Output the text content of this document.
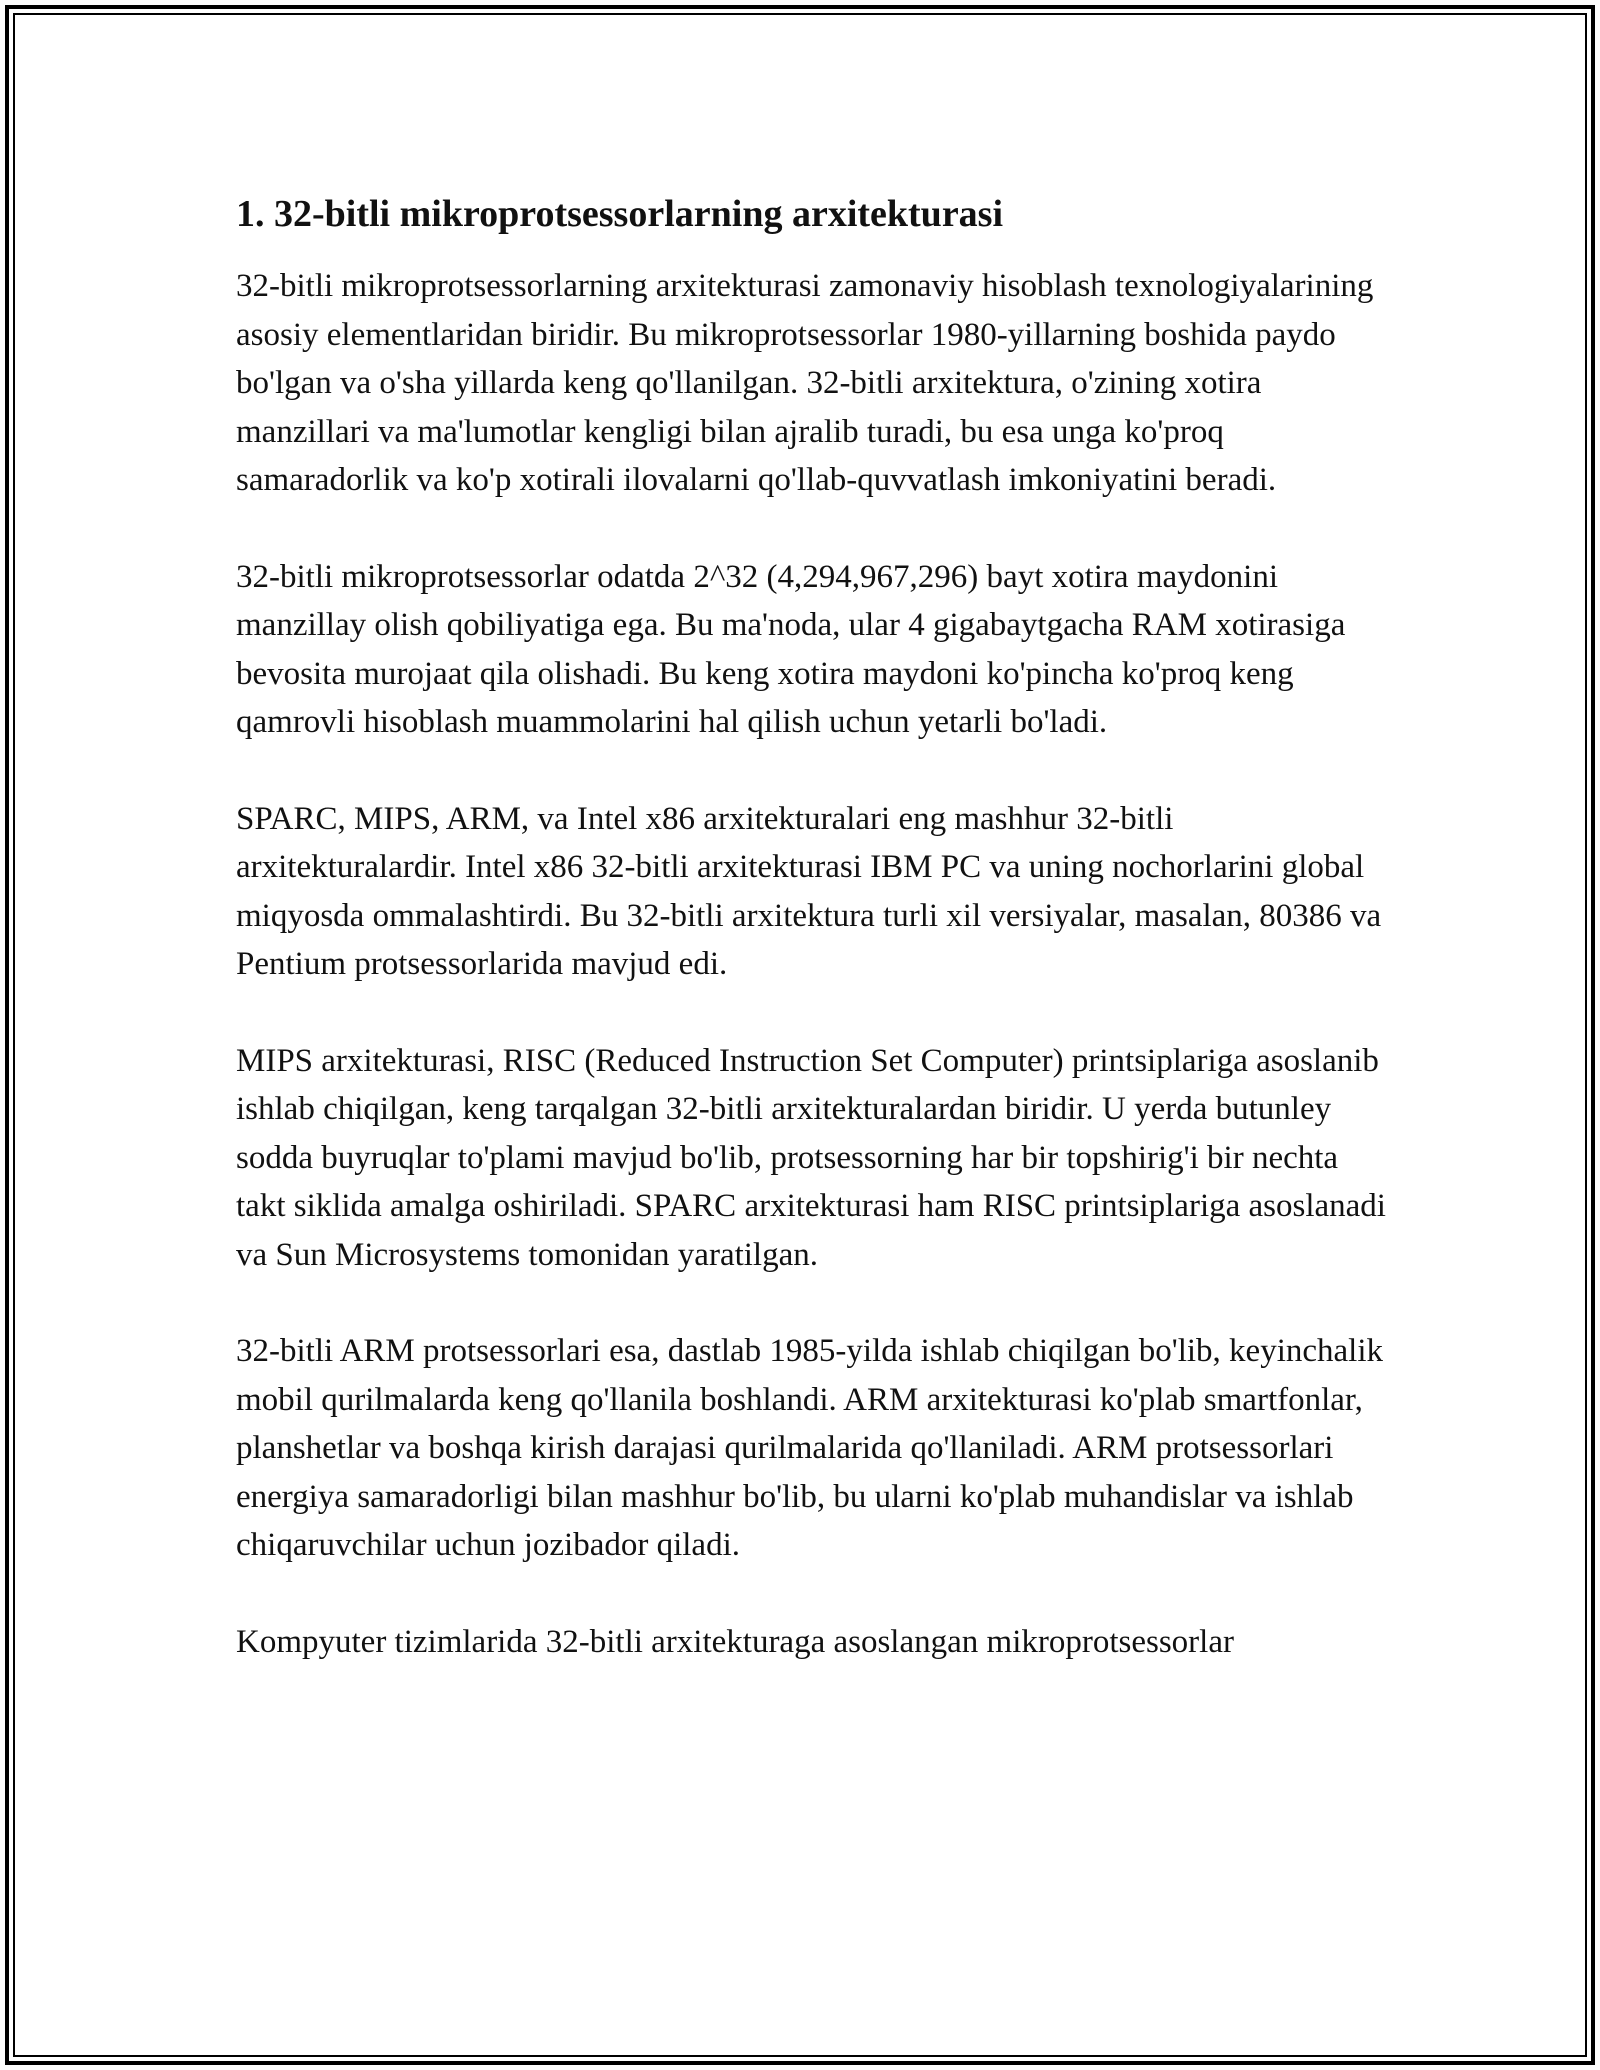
1. 32-bitli mikroprotsessorlarning arxitekturasi

32-bitli mikroprotsessorlarning arxitekturasi zamonaviy hisoblash texnologiyalarining asosiy elementlaridan biridir. Bu mikroprotsessorlar 1980-yillarning boshida paydo bo'lgan va o'sha yillarda keng qo'llanilgan. 32-bitli arxitektura, o'zining xotira manzillari va ma'lumotlar kengligi bilan ajralib turadi, bu esa unga ko'proq samaradorlik va ko'p xotirali ilovalarni qo'llab-quvvatlash imkoniyatini beradi.

32-bitli mikroprotsessorlar odatda 2^32 (4,294,967,296) bayt xotira maydonini manzillay olish qobiliyatiga ega. Bu ma'noda, ular 4 gigabaytgacha RAM xotirasiga bevosita murojaat qila olishadi. Bu keng xotira maydoni ko'pincha ko'proq keng qamrovli hisoblash muammolarini hal qilish uchun yetarli bo'ladi.

SPARC, MIPS, ARM, va Intel x86 arxitekturalari eng mashhur 32-bitli arxitekturalardir. Intel x86 32-bitli arxitekturasi IBM PC va uning nochorlarini global miqyosda ommalashtirdi. Bu 32-bitli arxitektura turli xil versiyalar, masalan, 80386 va Pentium protsessorlarida mavjud edi.

MIPS arxitekturasi, RISC (Reduced Instruction Set Computer) printsiplariga asoslanib ishlab chiqilgan, keng tarqalgan 32-bitli arxitekturalardan biridir. U yerda butunley sodda buyruqlar to'plami mavjud bo'lib, protsessorning har bir topshirig'i bir nechta takt siklida amalga oshiriladi. SPARC arxitekturasi ham RISC printsiplariga asoslanadi va Sun Microsystems tomonidan yaratilgan.

32-bitli ARM protsessorlari esa, dastlab 1985-yilda ishlab chiqilgan bo'lib, keyinchalik mobil qurilmalarda keng qo'llanila boshlandi. ARM arxitekturasi ko'plab smartfonlar, planshetlar va boshqa kirish darajasi qurilmalarida qo'llaniladi. ARM protsessorlari energiya samaradorligi bilan mashhur bo'lib, bu ularni ko'plab muhandislar va ishlab chiqaruvchilar uchun jozibador qiladi.

Kompyuter tizimlarida 32-bitli arxitekturaga asoslangan mikroprotsessorlar
